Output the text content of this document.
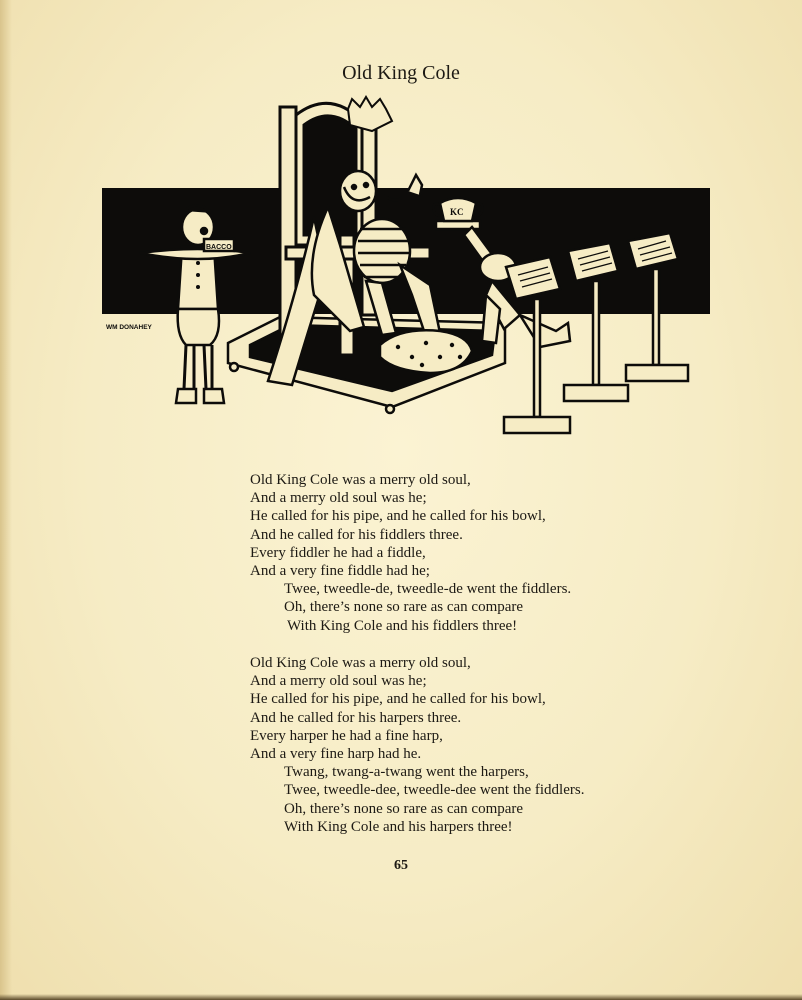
Old King Cole
WM DONAHEY
BACCO
KC
Old King Cole was a merry old soul,
And a merry old soul was he;
He called for his pipe, and he called for his bowl,
And he called for his fiddlers three.
Every fiddler he had a fiddle,
And a very fine fiddle had he;
Twee, tweedle-de, tweedle-de went the fiddlers.
Oh, there’s none so rare as can compare
With King Cole and his fiddlers three!
Old King Cole was a merry old soul,
And a merry old soul was he;
He called for his pipe, and he called for his bowl,
And he called for his harpers three.
Every harper he had a fine harp,
And a very fine harp had he.
Twang, twang-a-twang went the harpers,
Twee, tweedle-dee, tweedle-dee went the fiddlers.
Oh, there’s none so rare as can compare
With King Cole and his harpers three!
65
